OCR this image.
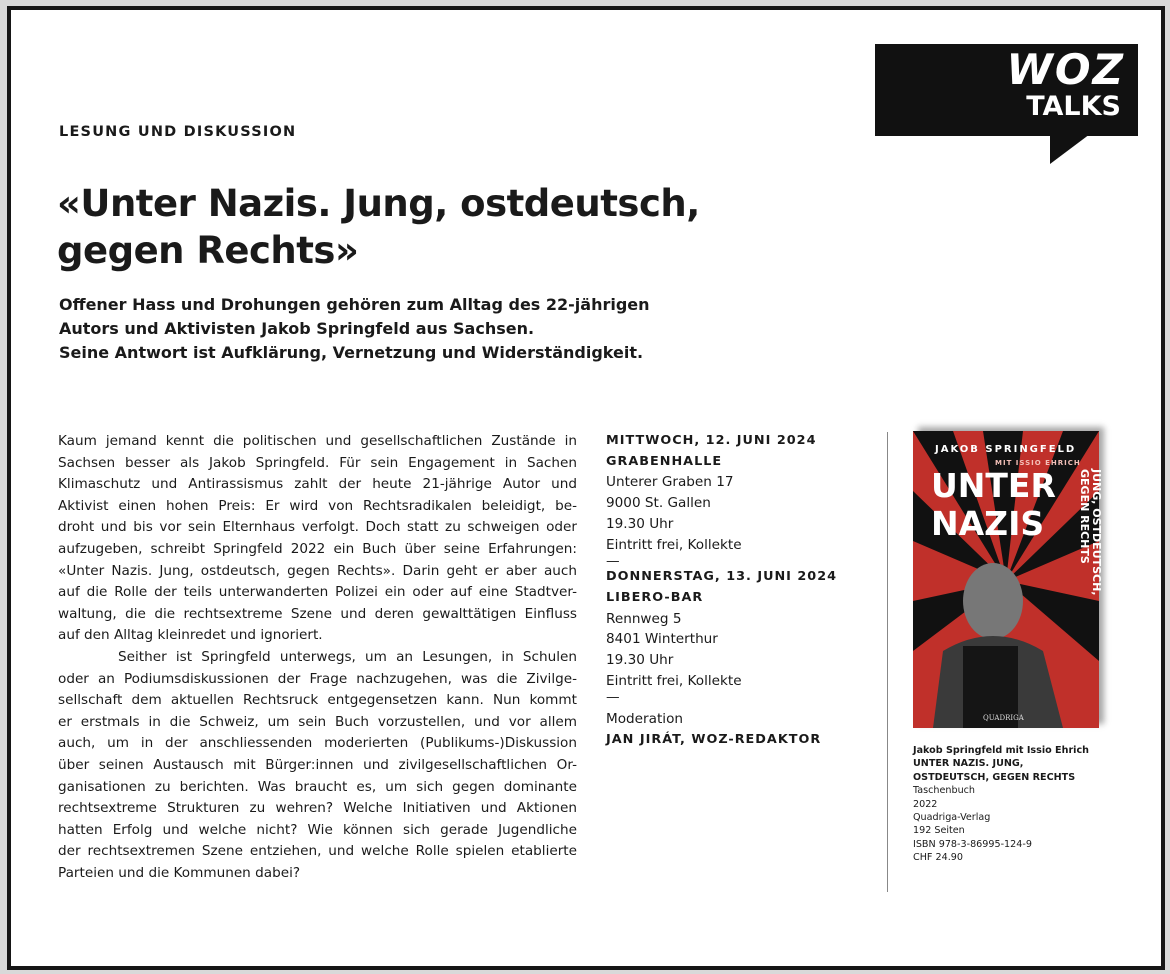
WOZ
TALKS
LESUNG UND DISKUSSION
«Unter Nazis. Jung, ostdeutsch,
gegen Rechts»
Offener Hass und Drohungen gehören zum Alltag des 22-jährigen
Autors und Aktivisten Jakob Springfeld aus Sachsen.
Seine Antwort ist Aufklärung, Vernetzung und Widerständigkeit.
Kaum jemand kennt die politischen und gesellschaftlichen Zustände in
Sachsen besser als Jakob Springfeld. Für sein Engagement in Sachen
Klimaschutz und Antirassismus zahlt der heute 21-jährige Autor und
Aktivist einen hohen Preis: Er wird von Rechtsradikalen beleidigt, be-
droht und bis vor sein Elternhaus verfolgt. Doch statt zu schweigen oder
aufzugeben, schreibt Springfeld 2022 ein Buch über seine Erfahrungen:
«Unter Nazis. Jung, ostdeutsch, gegen Rechts». Darin geht er aber auch
auf die Rolle der teils unterwanderten Polizei ein oder auf eine Stadtver-
waltung, die die rechtsextreme Szene und deren gewalttätigen Einfluss
auf den Alltag kleinredet und ignoriert.
Seither ist Springfeld unterwegs, um an Lesungen, in Schulen
oder an Podiumsdiskussionen der Frage nachzugehen, was die Zivilge-
sellschaft dem aktuellen Rechtsruck entgegensetzen kann. Nun kommt
er erstmals in die Schweiz, um sein Buch vorzustellen, und vor allem
auch, um in der anschliessenden moderierten (Publikums-)Diskussion
über seinen Austausch mit Bürger:innen und zivilgesellschaftlichen Or-
ganisationen zu berichten. Was braucht es, um sich gegen dominante
rechtsextreme Strukturen zu wehren? Welche Initiativen und Aktionen
hatten Erfolg und welche nicht? Wie können sich gerade Jugendliche
der rechtsextremen Szene entziehen, und welche Rolle spielen etablierte
Parteien und die Kommunen dabei?
MITTWOCH, 12. JUNI 2024
GRABENHALLE
Unterer Graben 17
9000 St. Gallen
19.30 Uhr
Eintritt frei, Kollekte
—
DONNERSTAG, 13. JUNI 2024
LIBERO-BAR
Rennweg 5
8401 Winterthur
19.30 Uhr
Eintritt frei, Kollekte
—
Moderation
JAN JIRÁT, WOZ-REDAKTOR
JAKOB SPRINGFELD
MIT ISSIO EHRICH
UNTER
NAZIS	JUNG, OSTDEUTSCH, GEGEN RECHTS
QUADRIGA
Jakob Springfeld mit Issio Ehrich
UNTER NAZIS. JUNG,
OSTDEUTSCH, GEGEN RECHTS
Taschenbuch
2022
Quadriga-Verlag
192 Seiten
ISBN 978-3-86995-124-9
CHF 24.90
